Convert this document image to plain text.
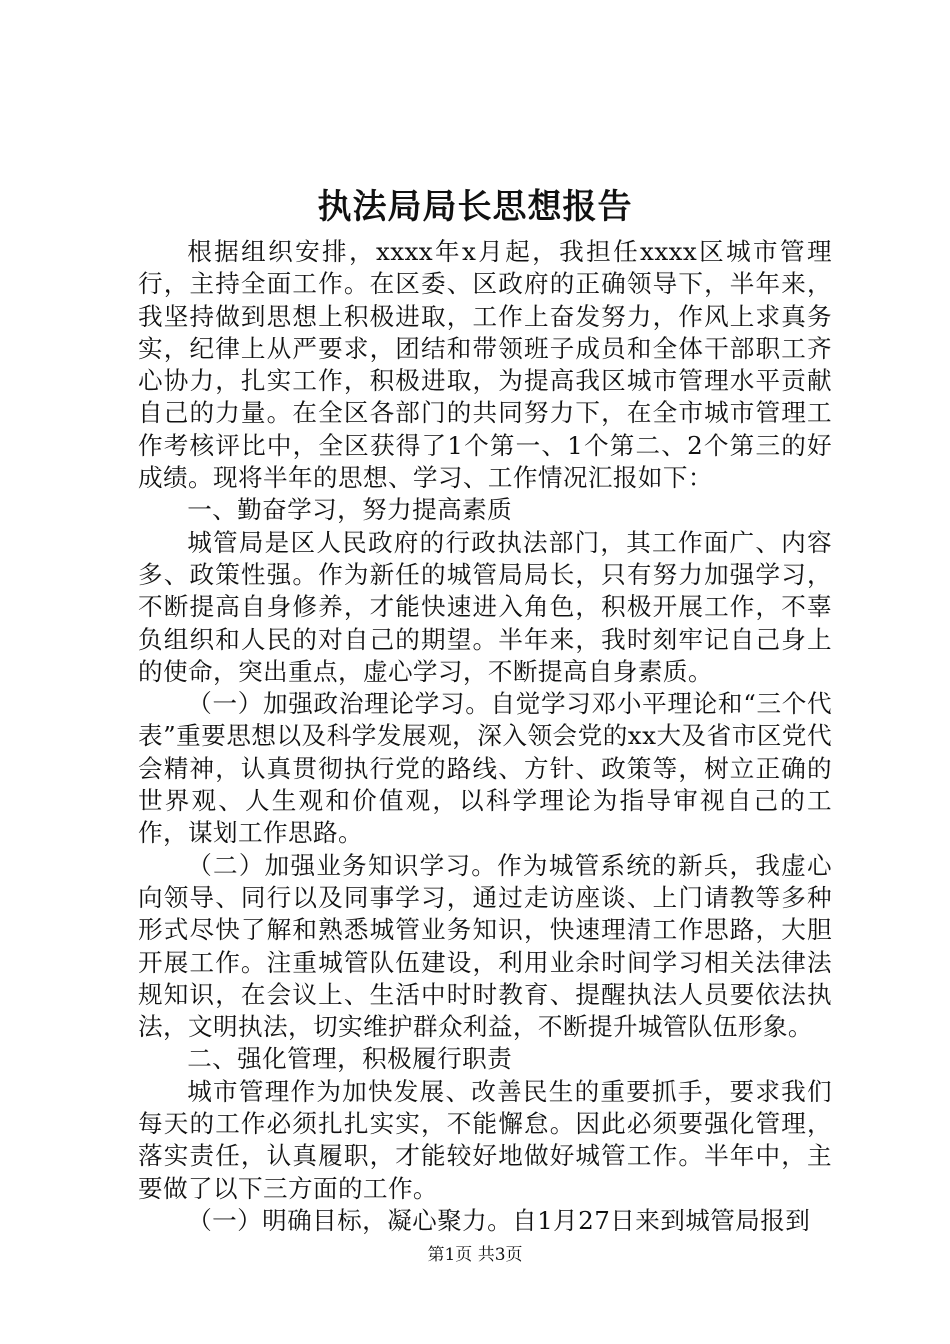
执法局局长思想报告

根据组织安排，xxxx年x月起，我担任xxxx区城市管理行，主持全面工作。在区委、区政府的正确领导下，半年来，我坚持做到思想上积极进取，工作上奋发努力，作风上求真务实，纪律上从严要求，团结和带领班子成员和全体干部职工齐心协力，扎实工作，积极进取，为提高我区城市管理水平贡献自己的力量。在全区各部门的共同努力下，在全市城市管理工作考核评比中，全区获得了1个第一、1个第二、2个第三的好成绩。现将半年的思想、学习、工作情况汇报如下：

一、勤奋学习，努力提高素质

城管局是区人民政府的行政执法部门，其工作面广、内容多、政策性强。作为新任的城管局局长，只有努力加强学习，不断提高自身修养，才能快速进入角色，积极开展工作，不辜负组织和人民的对自己的期望。半年来，我时刻牢记自己身上的使命，突出重点，虚心学习，不断提高自身素质。

（一）加强政治理论学习。自觉学习邓小平理论和“三个代表”重要思想以及科学发展观，深入领会党的xx大及省市区党代会精神，认真贯彻执行党的路线、方针、政策等，树立正确的世界观、人生观和价值观，以科学理论为指导审视自己的工作，谋划工作思路。

（二）加强业务知识学习。作为城管系统的新兵，我虚心向领导、同行以及同事学习，通过走访座谈、上门请教等多种形式尽快了解和熟悉城管业务知识，快速理清工作思路，大胆开展工作。注重城管队伍建设，利用业余时间学习相关法律法规知识，在会议上、生活中时时教育、提醒执法人员要依法执法，文明执法，切实维护群众利益，不断提升城管队伍形象。

二、强化管理，积极履行职责

城市管理作为加快发展、改善民生的重要抓手，要求我们每天的工作必须扎扎实实，不能懈怠。因此必须要强化管理，落实责任，认真履职，才能较好地做好城管工作。半年中，主要做了以下三方面的工作。

（一）明确目标，凝心聚力。自1月27日来到城管局报到

第1页 共3页
